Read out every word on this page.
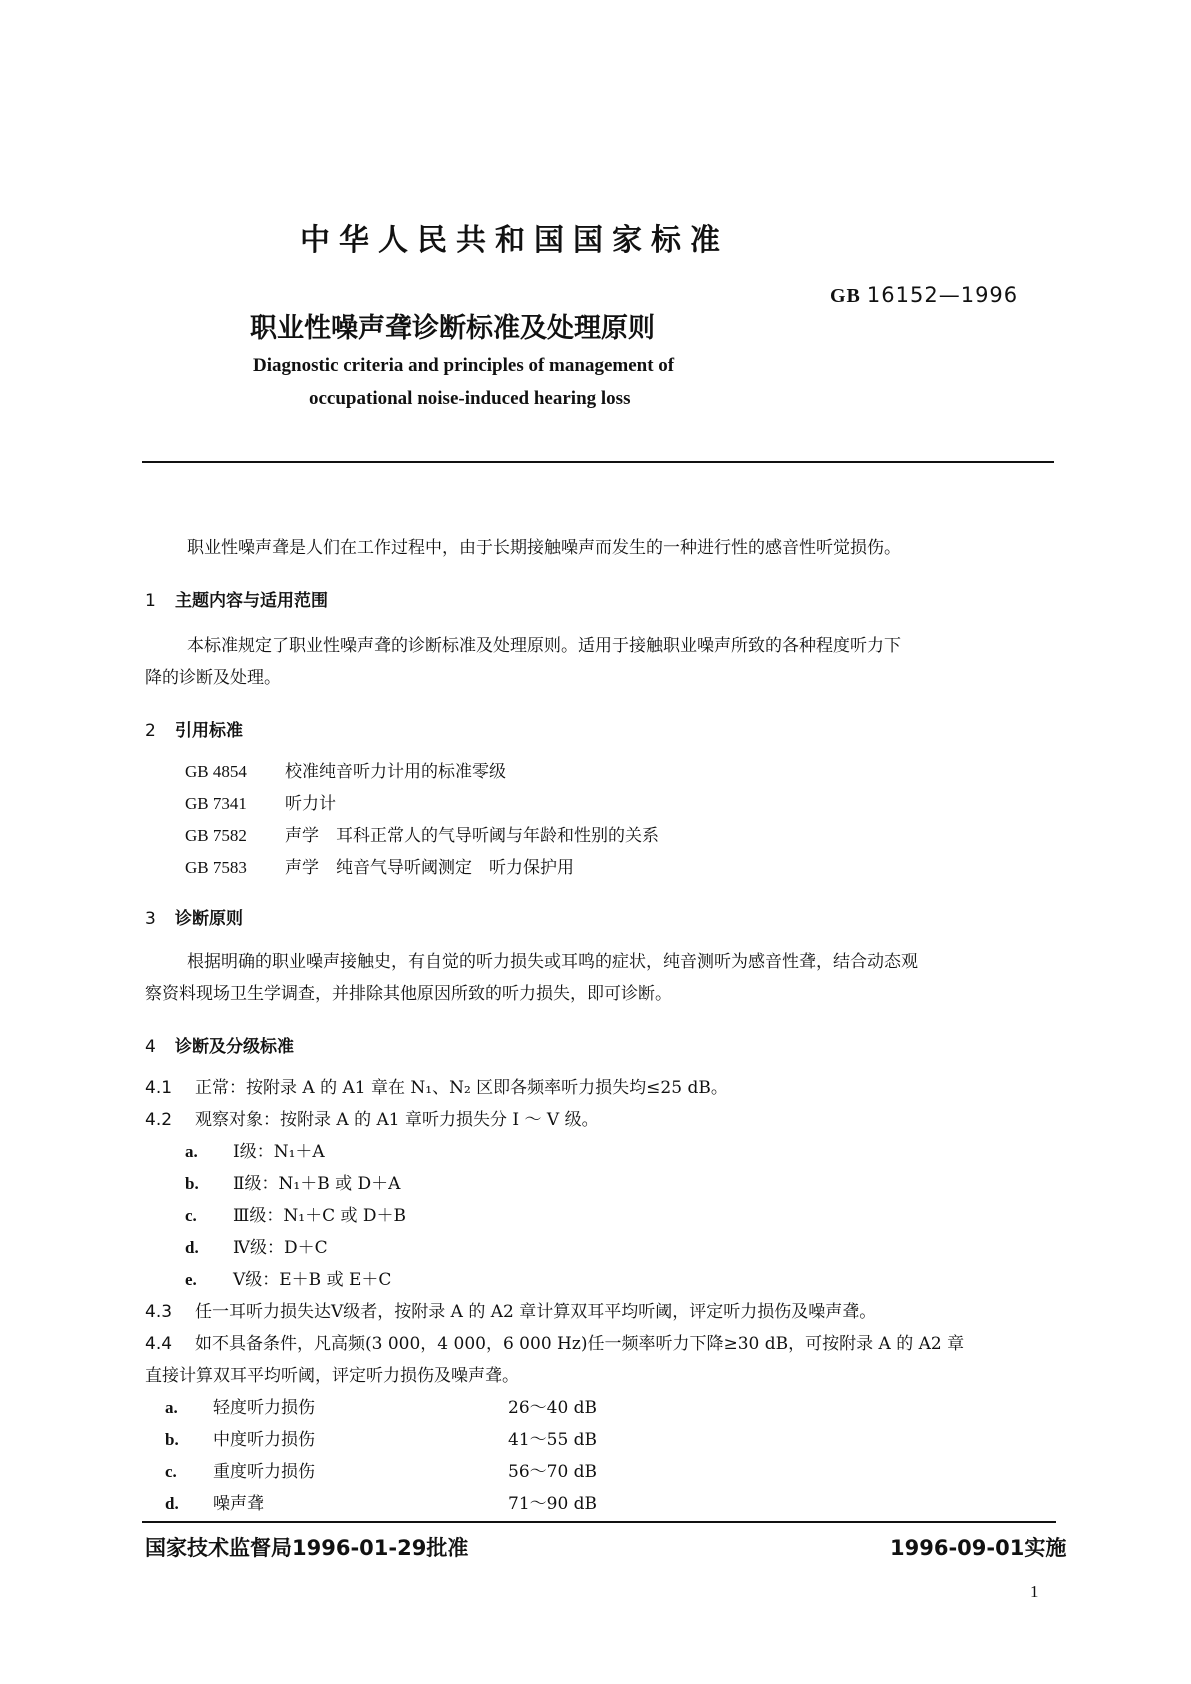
中华人民共和国国家标准
GB 16152—1996
职业性噪声聋诊断标准及处理原则
Diagnostic criteria and principles of management of
occupational noise-induced hearing loss
职业性噪声聋是人们在工作过程中，由于长期接触噪声而发生的一种进行性的感音性听觉损伤。
1 主题内容与适用范围
本标准规定了职业性噪声聋的诊断标准及处理原则。适用于接触职业噪声所致的各种程度听力下
降的诊断及处理。
2 引用标准
GB 4854 校准纯音听力计用的标准零级
GB 7341 听力计
GB 7582 声学　耳科正常人的气导听阈与年龄和性别的关系
GB 7583 声学　纯音气导听阈测定　听力保护用
3 诊断原则
根据明确的职业噪声接触史，有自觉的听力损失或耳鸣的症状，纯音测听为感音性聋，结合动态观
察资料现场卫生学调查，并排除其他原因所致的听力损失，即可诊断。
4 诊断及分级标准
4.1 正常：按附录 A 的 A1 章在 N₁、N₂ 区即各频率听力损失均≤25 dB。
4.2 观察对象：按附录 A 的 A1 章听力损失分 Ⅰ ～ Ⅴ 级。
a. Ⅰ级：N₁＋A
b. Ⅱ级：N₁＋B 或 D＋A
c. Ⅲ级：N₁＋C 或 D＋B
d. Ⅳ级：D＋C
e. Ⅴ级：E＋B 或 E＋C
4.3 任一耳听力损失达Ⅴ级者，按附录 A 的 A2 章计算双耳平均听阈，评定听力损伤及噪声聋。
4.4 如不具备条件，凡高频(3 000，4 000，6 000 Hz)任一频率听力下降≥30 dB，可按附录 A 的 A2 章
直接计算双耳平均听阈，评定听力损伤及噪声聋。
a. 轻度听力损伤	26～40 dB
b. 中度听力损伤	41～55 dB
c. 重度听力损伤	56～70 dB
d. 噪声聋	71～90 dB
国家技术监督局1996-01-29批准	1996-09-01实施
1
